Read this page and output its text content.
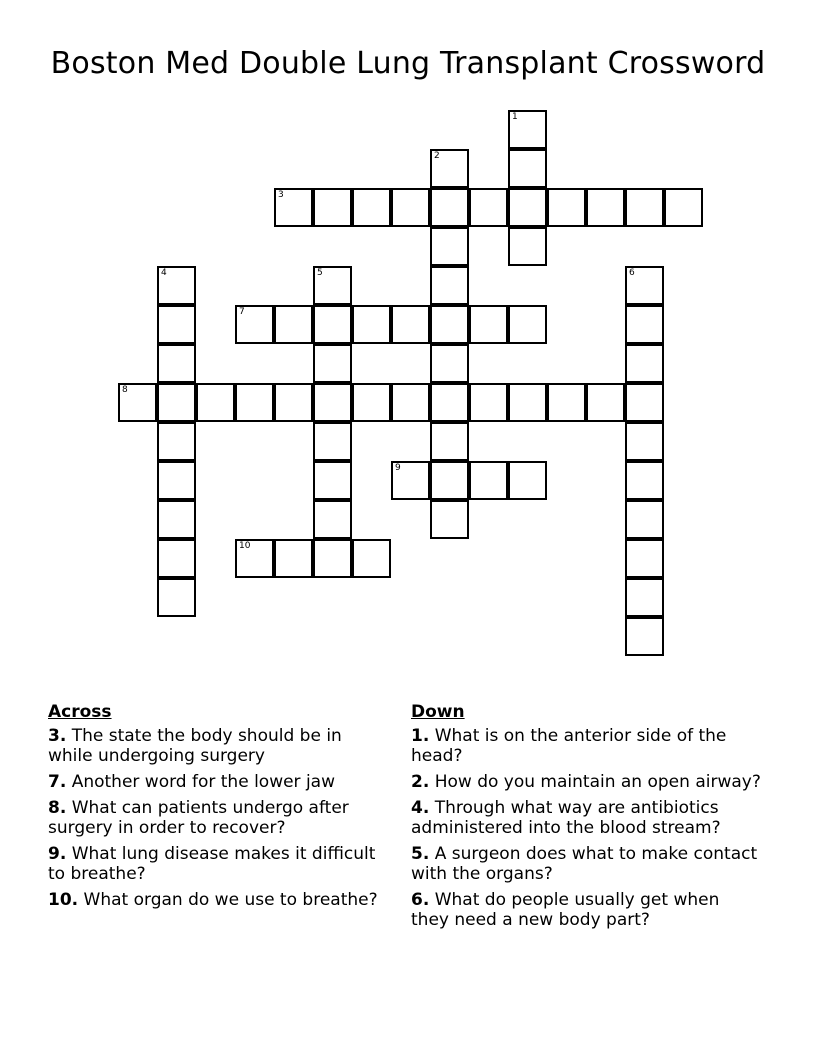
Boston Med Double Lung Transplant Crossword
1
2
3
4	5	6
7
8
9
10
Across
3. The state the body should be in while undergoing surgery
7. Another word for the lower jaw
8. What can patients undergo after surgery in order to recover?
9. What lung disease makes it difficult to breathe?
10. What organ do we use to breathe?
Down
1. What is on the anterior side of the head?
2. How do you maintain an open airway?
4. Through what way are antibiotics administered into the blood stream?
5. A surgeon does what to make contact with the organs?
6. What do people usually get when they need a new body part?
